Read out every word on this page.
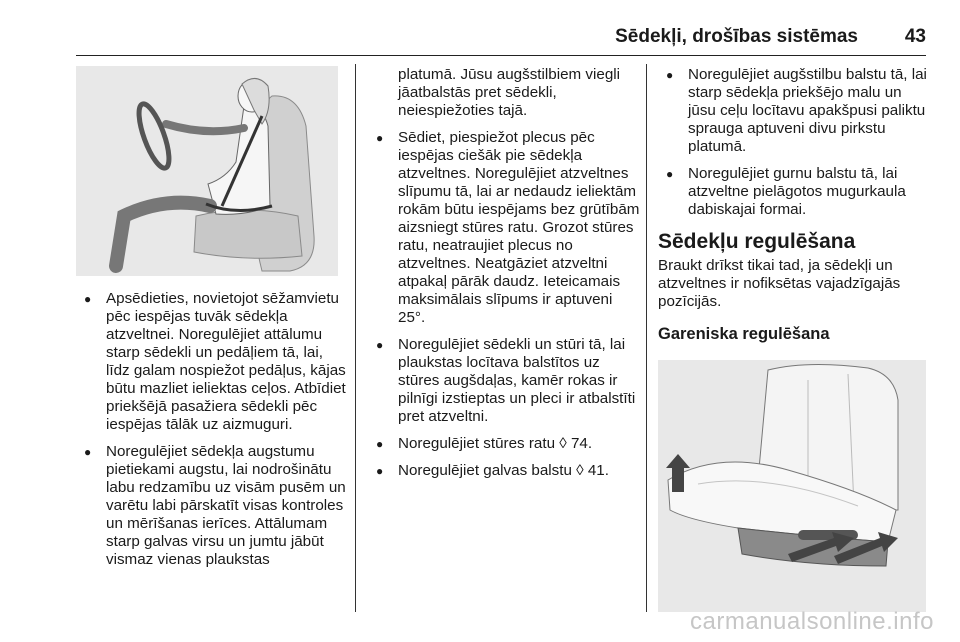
Sēdekļi, drošības sistēmas 43
● Apsēdieties, novietojot sēžamvietu pēc iespējas tuvāk sēdekļa atzveltnei. Noregulējiet attālumu starp sēdekli un pedāļiem tā, lai, līdz galam nospiežot pedāļus, kājas būtu mazliet ieliektas ceļos. Atbīdiet priekšējā pasažiera sēdekli pēc iespējas tālāk uz aizmuguri.
● Noregulējiet sēdekļa augstumu pietiekami augstu, lai nodrošinātu labu redzamību uz visām pusēm un varētu labi pārskatīt visas kontroles un mērīšanas ierīces. Attālumam starp galvas virsu un jumtu jābūt vismaz vienas plaukstas

platumā. Jūsu augšstilbiem viegli jāatbalstās pret sēdekli, neiespiežoties tajā.

● Sēdiet, piespiežot plecus pēc iespējas ciešāk pie sēdekļa atzveltnes. Noregulējiet atzveltnes slīpumu tā, lai ar nedaudz ieliektām rokām būtu iespējams bez grūtībām aizsniegt stūres ratu. Grozot stūres ratu, neatraujiet plecus no atzveltnes. Neatgāziet atzveltni atpakaļ pārāk daudz. Ieteicamais maksimālais slīpums ir aptuveni 25°.
● Noregulējiet sēdekli un stūri tā, lai plaukstas locītava balstītos uz stūres augšdaļas, kamēr rokas ir pilnīgi izstieptas un pleci ir atbalstīti pret atzveltni.
● Noregulējiet stūres ratu ◊ 74.
● Noregulējiet galvas balstu ◊ 41.
● Noregulējiet augšstilbu balstu tā, lai starp sēdekļa priekšējo malu un jūsu ceļu locītavu apakšpusi paliktu sprauga aptuveni divu pirkstu platumā.
● Noregulējiet gurnu balstu tā, lai atzveltne pielāgotos mugurkaula dabiskajai formai.
Sēdekļu regulēšana

Braukt drīkst tikai tad, ja sēdekļi un atzveltnes ir nofiksētas vajadzīgajās pozīcijās.

Gareniska regulēšana
carmanualsonline.info
